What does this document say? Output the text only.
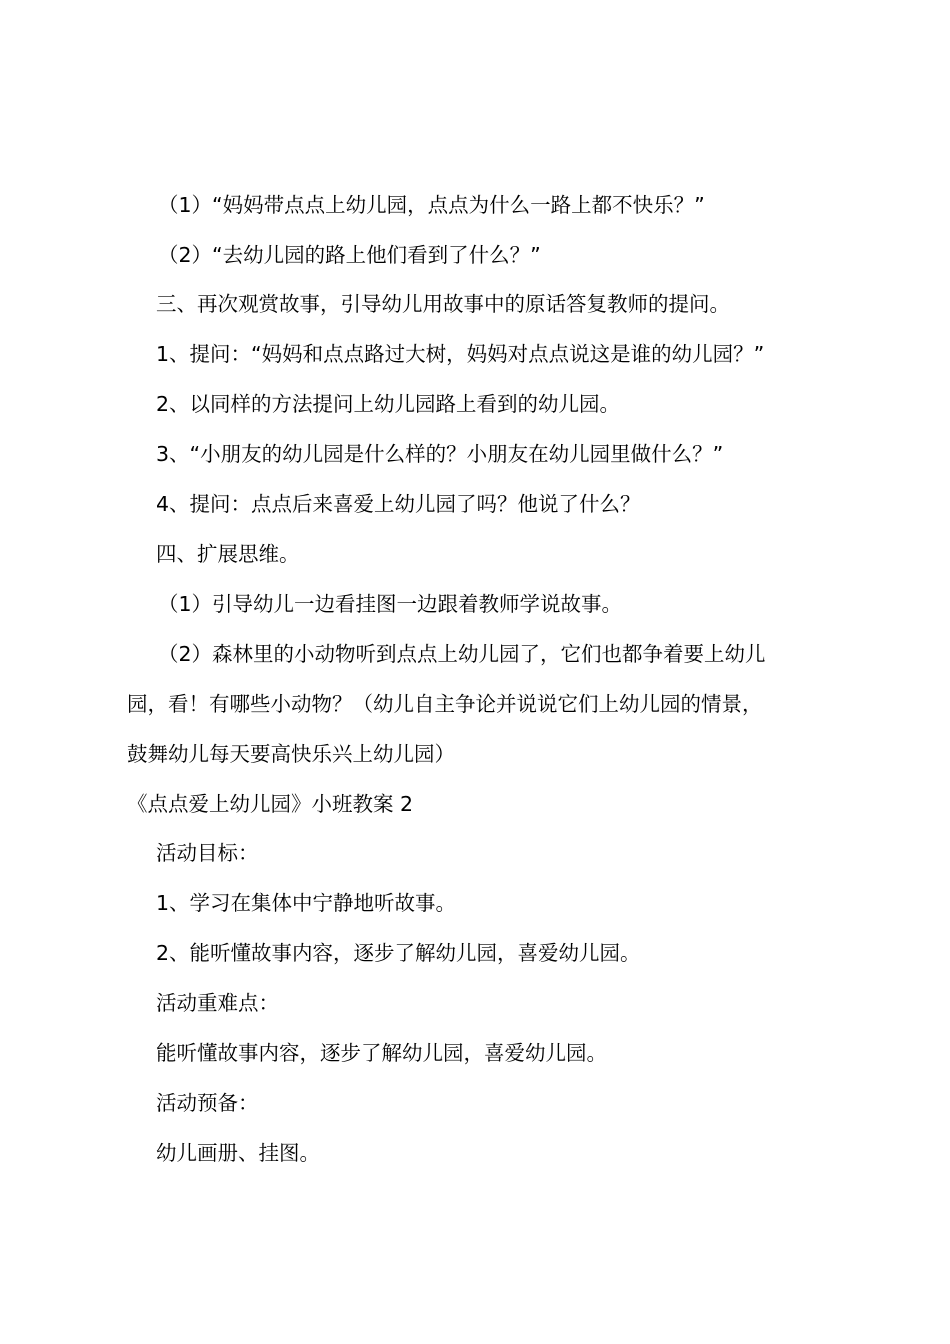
（1）“妈妈带点点上幼儿园，点点为什么一路上都不快乐？”
（2）“去幼儿园的路上他们看到了什么？”
三、再次观赏故事，引导幼儿用故事中的原话答复教师的提问。
1、提问：“妈妈和点点路过大树，妈妈对点点说这是谁的幼儿园？”
2、以同样的方法提问上幼儿园路上看到的幼儿园。
3、“小朋友的幼儿园是什么样的？小朋友在幼儿园里做什么？”
4、提问：点点后来喜爱上幼儿园了吗？他说了什么？
四、扩展思维。
（1）引导幼儿一边看挂图一边跟着教师学说故事。
（2）森林里的小动物听到点点上幼儿园了，它们也都争着要上幼儿
园，看！有哪些小动物？（幼儿自主争论并说说它们上幼儿园的情景，
鼓舞幼儿每天要高快乐兴上幼儿园）
《点点爱上幼儿园》小班教案 2
活动目标：
1、学习在集体中宁静地听故事。
2、能听懂故事内容，逐步了解幼儿园，喜爱幼儿园。
活动重难点：
能听懂故事内容，逐步了解幼儿园，喜爱幼儿园。
活动预备：
幼儿画册、挂图。
